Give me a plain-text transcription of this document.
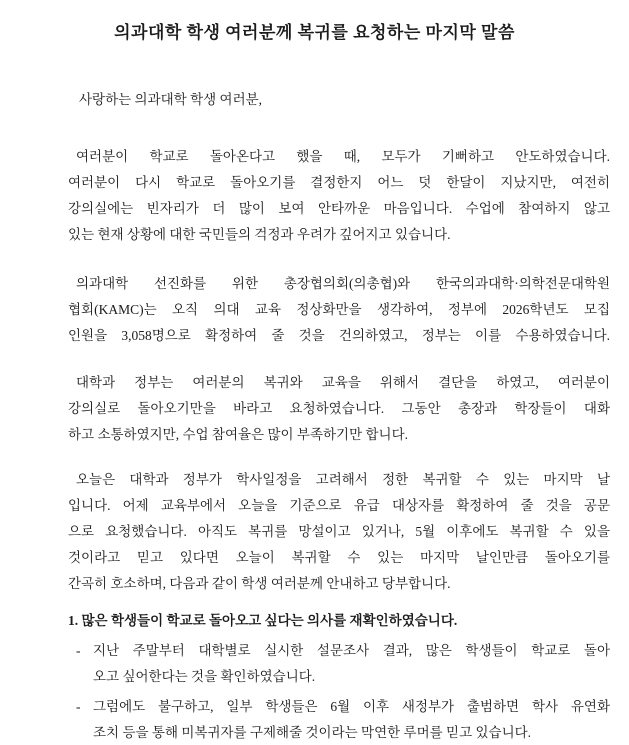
의과대학 학생 여러분께 복귀를 요청하는 마지막 말씀
사랑하는 의과대학 학생 여러분,
여러분이 학교로 돌아온다고 했을 때, 모두가 기뻐하고 안도하였습니다.
여러분이 다시 학교로 돌아오기를 결정한지 어느 덧 한달이 지났지만, 여전히
강의실에는 빈자리가 더 많이 보여 안타까운 마음입니다. 수업에 참여하지 않고
있는 현재 상황에 대한 국민들의 걱정과 우려가 깊어지고 있습니다.
의과대학 선진화를 위한 총장협의회(의총협)와 한국의과대학·의학전문대학원
협회(KAMC)는 오직 의대 교육 정상화만을 생각하여, 정부에 2026학년도 모집
인원을 3,058명으로 확정하여 줄 것을 건의하였고, 정부는 이를 수용하였습니다.
대학과 정부는 여러분의 복귀와 교육을 위해서 결단을 하였고, 여러분이
강의실로 돌아오기만을 바라고 요청하였습니다. 그동안 총장과 학장들이 대화
하고 소통하였지만, 수업 참여율은 많이 부족하기만 합니다.
오늘은 대학과 정부가 학사일정을 고려해서 정한 복귀할 수 있는 마지막 날
입니다. 어제 교육부에서 오늘을 기준으로 유급 대상자를 확정하여 줄 것을 공문
으로 요청했습니다. 아직도 복귀를 망설이고 있거나, 5월 이후에도 복귀할 수 있을
것이라고 믿고 있다면 오늘이 복귀할 수 있는 마지막 날인만큼 돌아오기를
간곡히 호소하며, 다음과 같이 학생 여러분께 안내하고 당부합니다.
1. 많은 학생들이 학교로 돌아오고 싶다는 의사를 재확인하였습니다.
- 지난 주말부터 대학별로 실시한 설문조사 결과, 많은 학생들이 학교로 돌아
오고 싶어한다는 것을 확인하였습니다.
- 그럼에도 불구하고, 일부 학생들은 6월 이후 새정부가 출범하면 학사 유연화
조치 등을 통해 미복귀자를 구제해줄 것이라는 막연한 루머를 믿고 있습니다.
